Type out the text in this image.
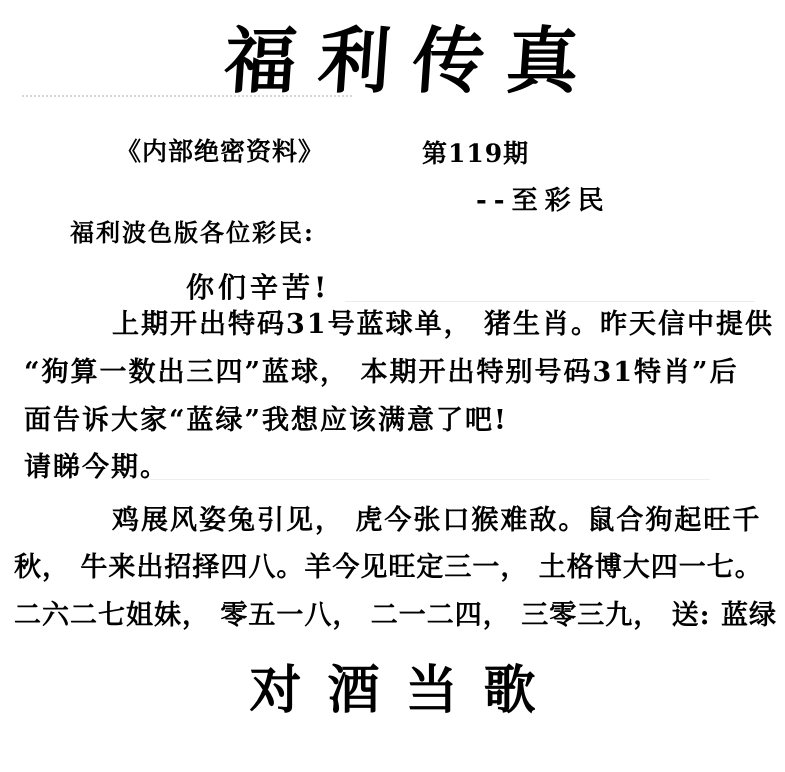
福利传真
《内部绝密资料》	第119期
--至彩民
福利波色版各位彩民:
你们辛苦!
上期开出特码31号蓝球单， 猪生肖。昨天信中提供
“狗算一数出三四”蓝球， 本期开出特别号码31特肖”后
面告诉大家“蓝绿”我想应该满意了吧!
请睇今期。
鸡展风姿兔引见， 虎今张口猴难敌。鼠合狗起旺千
秋， 牛来出招择四八。羊今见旺定三一， 土格博大四一七。
二六二七姐妹， 零五一八， 二一二四， 三零三九， 送: 蓝绿
对酒当歌
